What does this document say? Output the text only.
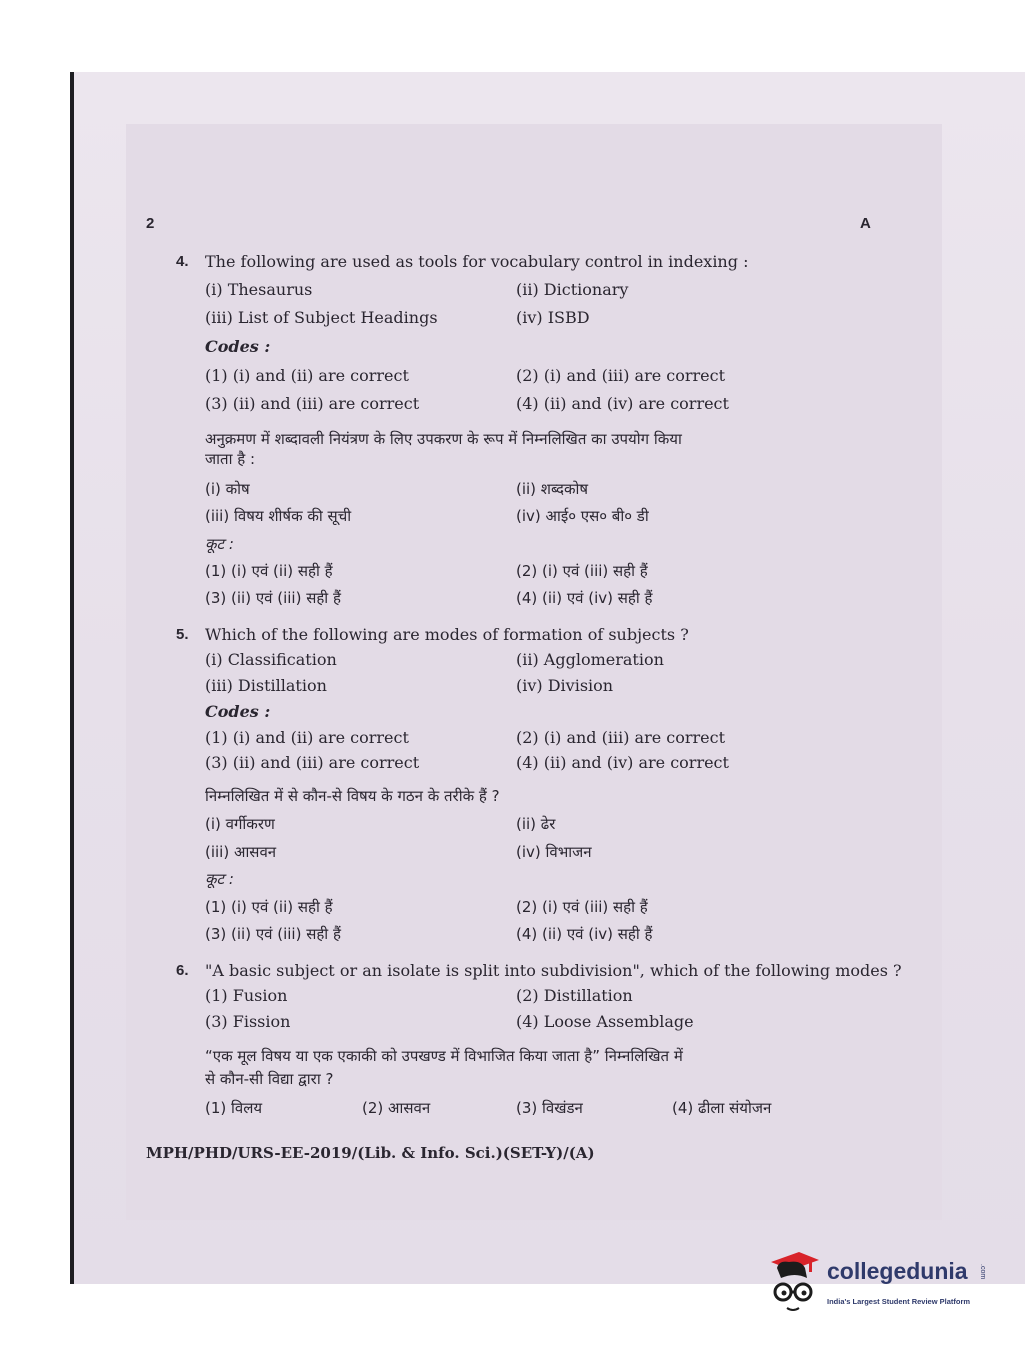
2	A
4. The following are used as tools for vocabulary control in indexing :
(i) Thesaurus	(ii) Dictionary
(iii) List of Subject Headings	(iv) ISBD
Codes :
(1) (i) and (ii) are correct	(2) (i) and (iii) are correct
(3) (ii) and (iii) are correct	(4) (ii) and (iv) are correct
अनुक्रमण में शब्दावली नियंत्रण के लिए उपकरण के रूप में निम्नलिखित का उपयोग किया
जाता है :
(i) कोष	(ii) शब्दकोष
(iii) विषय शीर्षक की सूची	(iv) आई० एस० बी० डी
कूट :
(1) (i) एवं (ii) सही हैं	(2) (i) एवं (iii) सही हैं
(3) (ii) एवं (iii) सही हैं	(4) (ii) एवं (iv) सही हैं
5. Which of the following are modes of formation of subjects ?
(i) Classification	(ii) Agglomeration
(iii) Distillation	(iv) Division
Codes :
(1) (i) and (ii) are correct	(2) (i) and (iii) are correct
(3) (ii) and (iii) are correct	(4) (ii) and (iv) are correct
निम्नलिखित में से कौन-से विषय के गठन के तरीके हैं ?
(i) वर्गीकरण	(ii) ढेर
(iii) आसवन	(iv) विभाजन
कूट :
(1) (i) एवं (ii) सही हैं	(2) (i) एवं (iii) सही हैं
(3) (ii) एवं (iii) सही हैं	(4) (ii) एवं (iv) सही हैं
6. "A basic subject or an isolate is split into subdivision", which of the following modes ?
(1) Fusion	(2) Distillation
(3) Fission	(4) Loose Assemblage
“एक मूल विषय या एक एकाकी को उपखण्ड में विभाजित किया जाता है” निम्नलिखित में
से कौन-सी विद्या द्वारा ?
(1) विलय	(2) आसवन	(3) विखंडन	(4) ढीला संयोजन
MPH/PHD/URS-EE-2019/(Lib. & Info. Sci.)(SET-Y)/(A)
collegedunia .com
India's Largest Student Review Platform
